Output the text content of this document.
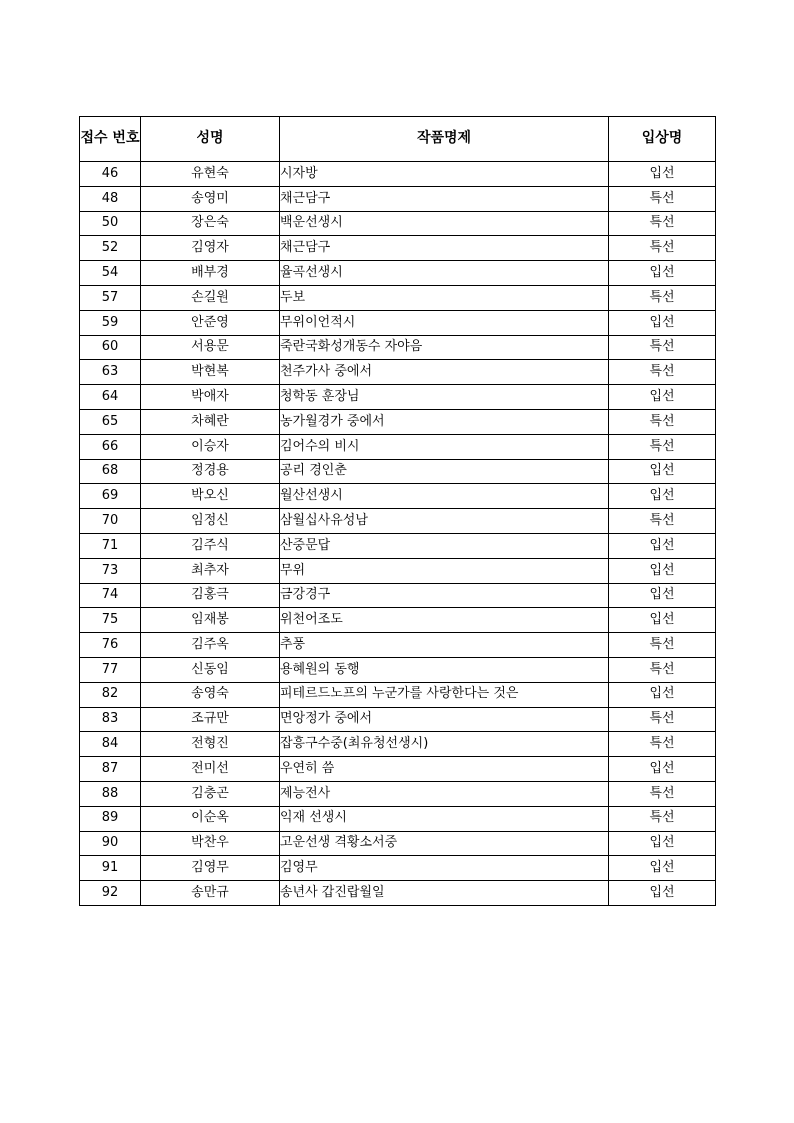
접수 번호	성명	작품명제	입상명
46	유현숙	시자방	입선
48	송영미	채근담구	특선
50	장은숙	백운선생시	특선
52	김영자	채근담구	특선
54	배부경	율곡선생시	입선
57	손길원	두보	특선
59	안준영	무위이언적시	입선
60	서용문	죽란국화성개동수 자야음	특선
63	박현복	천주가사 중에서	특선
64	박애자	청학동 훈장님	입선
65	차혜란	농가월경가 중에서	특선
66	이승자	김어수의 비시	특선
68	정경용	공리 경인춘	입선
69	박오신	월산선생시	입선
70	임정신	삼월십사유성남	특선
71	김주식	산중문답	입선
73	최추자	무위	입선
74	김홍극	금강경구	입선
75	임재봉	위천어조도	입선
76	김주옥	추풍	특선
77	신동임	용혜원의 동행	특선
82	송영숙	피테르드노프의 누군가를 사랑한다는 것은	입선
83	조규만	면앙정가 중에서	특선
84	전형진	잡흥구수중(최유청선생시)	특선
87	전미선	우연히 씀	입선
88	김충곤	제능전사	특선
89	이순옥	익재 선생시	특선
90	박찬우	고운선생 격황소서중	입선
91	김영무	김영무	입선
92	송만규	송년사 갑진랍월일	입선
